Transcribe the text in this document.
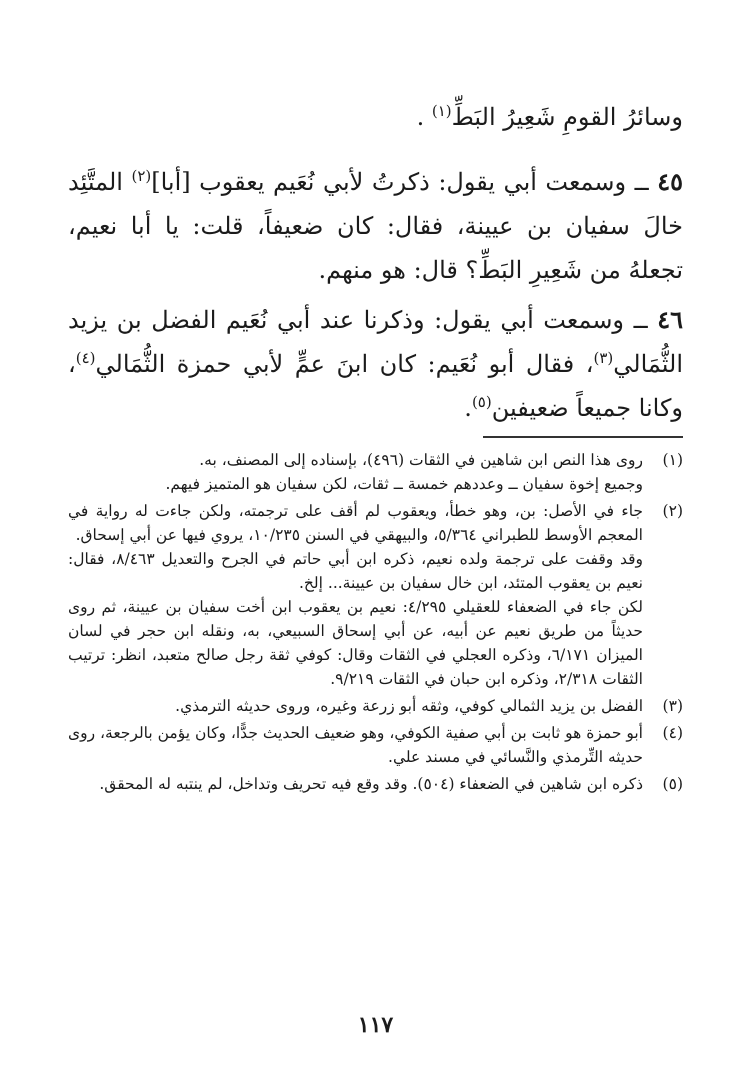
وسائرُ القومِ شَعِيرُ البَطِّ$^{(١)}$ .
٤٥ ــ وسمعت أبي يقول: ذكرتُ لأبي نُعَيم يعقوب [أبا]$^{(٢)}$ المتَّئِد خالَ سفيان بن عيينة، فقال: كان ضعيفاً، قلت: يا أبا نعيم، تجعلهُ من شَعِيرِ البَطِّ؟ قال: هو منهم.
٤٦ ــ وسمعت أبي يقول: وذكرنا عند أبي نُعَيم الفضل بن يزيد الثُّمَالي$^{(٣)}$، فقال أبو نُعَيم: كان ابنَ عمٍّ لأبي حمزة الثُّمَالي$^{(٤)}$، وكانا جميعاً ضعيفين$^{(٥)}$.
(١)

روى هذا النص ابن شاهين في الثقات (٤٩٦)، بإسناده إلى المصنف، به.

وجميع إخوة سفيان ــ وعددهم خمسة ــ ثقات، لكن سفيان هو المتميز فيهم.

(٢)

جاء في الأصل: بن، وهو خطأ، ويعقوب لم أقف على ترجمته، ولكن جاءت له رواية في المعجم الأوسط للطبراني ٥/٣٦٤، والبيهقي في السنن ١٠/٢٣٥، يروي فيها عن أبي إسحاق.

وقد وقفت على ترجمة ولده نعيم، ذكره ابن أبي حاتم في الجرح والتعديل ٨/٤٦٣، فقال: نعيم بن يعقوب المتئد، ابن خال سفيان بن عيينة... إلخ.

لكن جاء في الضعفاء للعقيلي ٤/٢٩٥: نعيم بن يعقوب ابن أخت سفيان بن عيينة، ثم روى حديثاً من طريق نعيم عن أبيه، عن أبي إسحاق السبيعي، به، ونقله ابن حجر في لسان الميزان ٦/١٧١، وذكره العجلي في الثقات وقال: كوفي ثقة رجل صالح متعبد، انظر: ترتيب الثقات ٢/٣١٨، وذكره ابن حبان في الثقات ٩/٢١٩.

(٣)

الفضل بن يزيد الثمالي كوفي، وثقه أبو زرعة وغيره، وروى حديثه الترمذي.

(٤)

أبو حمزة هو ثابت بن أبي صفية الكوفي، وهو ضعيف الحديث جدًّا، وكان يؤمن بالرجعة، روى حديثه التِّرمذي والنَّسائي في مسند علي.

(٥)

ذكره ابن شاهين في الضعفاء (٥٠٤). وقد وقع فيه تحريف وتداخل، لم ينتبه له المحقق.

١١٧
